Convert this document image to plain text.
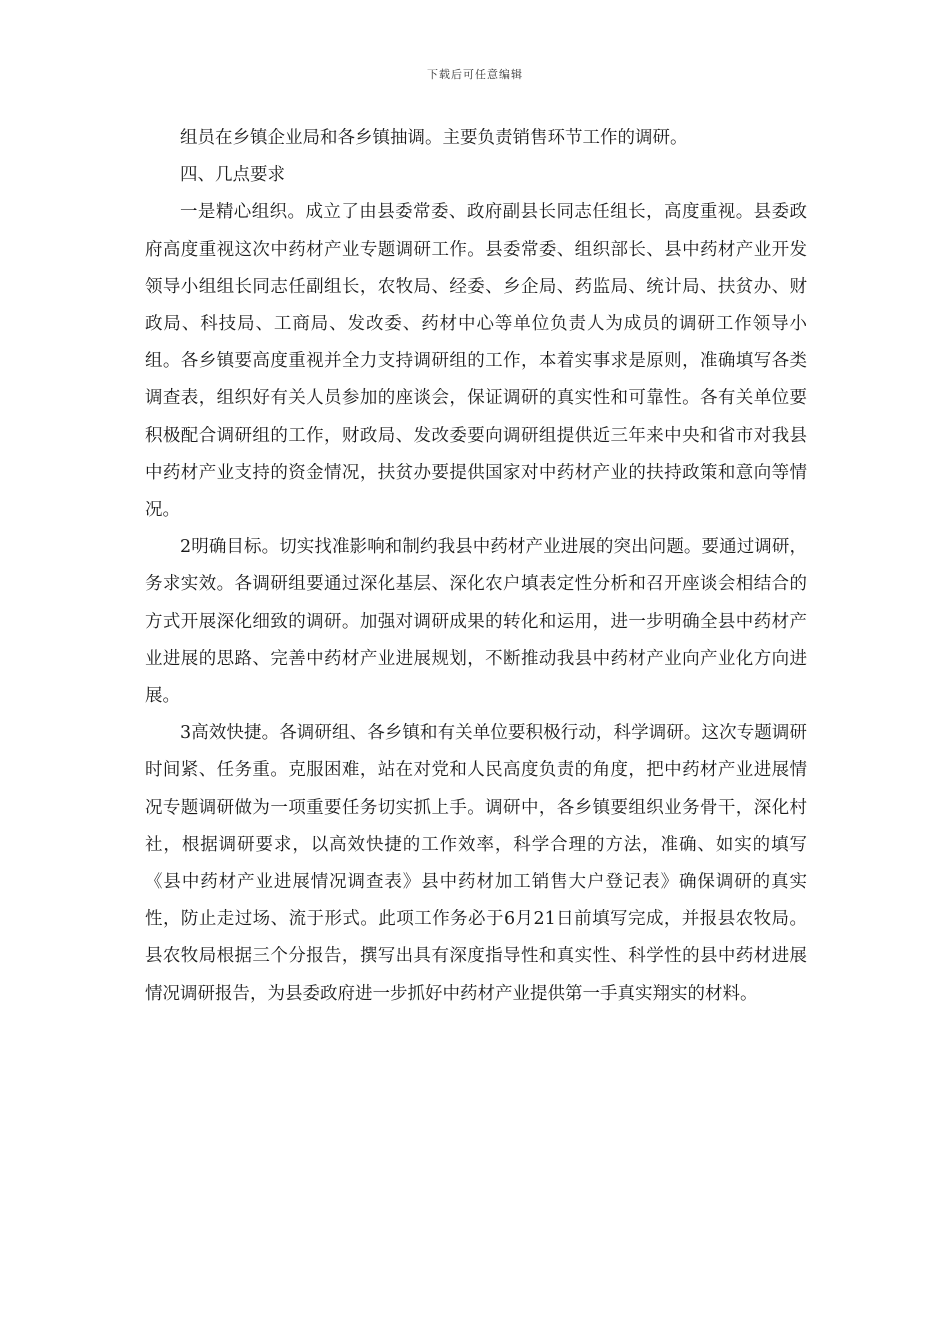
下载后可任意编辑

组员在乡镇企业局和各乡镇抽调。主要负责销售环节工作的调研。

四、几点要求

一是精心组织。成立了由县委常委、政府副县长同志任组长，高度重视。县委政府高度重视这次中药材产业专题调研工作。县委常委、组织部长、县中药材产业开发领导小组组长同志任副组长，农牧局、经委、乡企局、药监局、统计局、扶贫办、财政局、科技局、工商局、发改委、药材中心等单位负责人为成员的调研工作领导小组。各乡镇要高度重视并全力支持调研组的工作，本着实事求是原则，准确填写各类调查表，组织好有关人员参加的座谈会，保证调研的真实性和可靠性。各有关单位要积极配合调研组的工作，财政局、发改委要向调研组提供近三年来中央和省市对我县中药材产业支持的资金情况，扶贫办要提供国家对中药材产业的扶持政策和意向等情况。

2明确目标。切实找准影响和制约我县中药材产业进展的突出问题。要通过调研，务求实效。各调研组要通过深化基层、深化农户填表定性分析和召开座谈会相结合的方式开展深化细致的调研。加强对调研成果的转化和运用，进一步明确全县中药材产业进展的思路、完善中药材产业进展规划，不断推动我县中药材产业向产业化方向进展。

3高效快捷。各调研组、各乡镇和有关单位要积极行动，科学调研。这次专题调研时间紧、任务重。克服困难，站在对党和人民高度负责的角度，把中药材产业进展情况专题调研做为一项重要任务切实抓上手。调研中，各乡镇要组织业务骨干，深化村社，根据调研要求，以高效快捷的工作效率，科学合理的方法，准确、如实的填写《县中药材产业进展情况调查表》县中药材加工销售大户登记表》确保调研的真实性，防止走过场、流于形式。此项工作务必于6月21日前填写完成，并报县农牧局。县农牧局根据三个分报告，撰写出具有深度指导性和真实性、科学性的县中药材进展情况调研报告，为县委政府进一步抓好中药材产业提供第一手真实翔实的材料。
